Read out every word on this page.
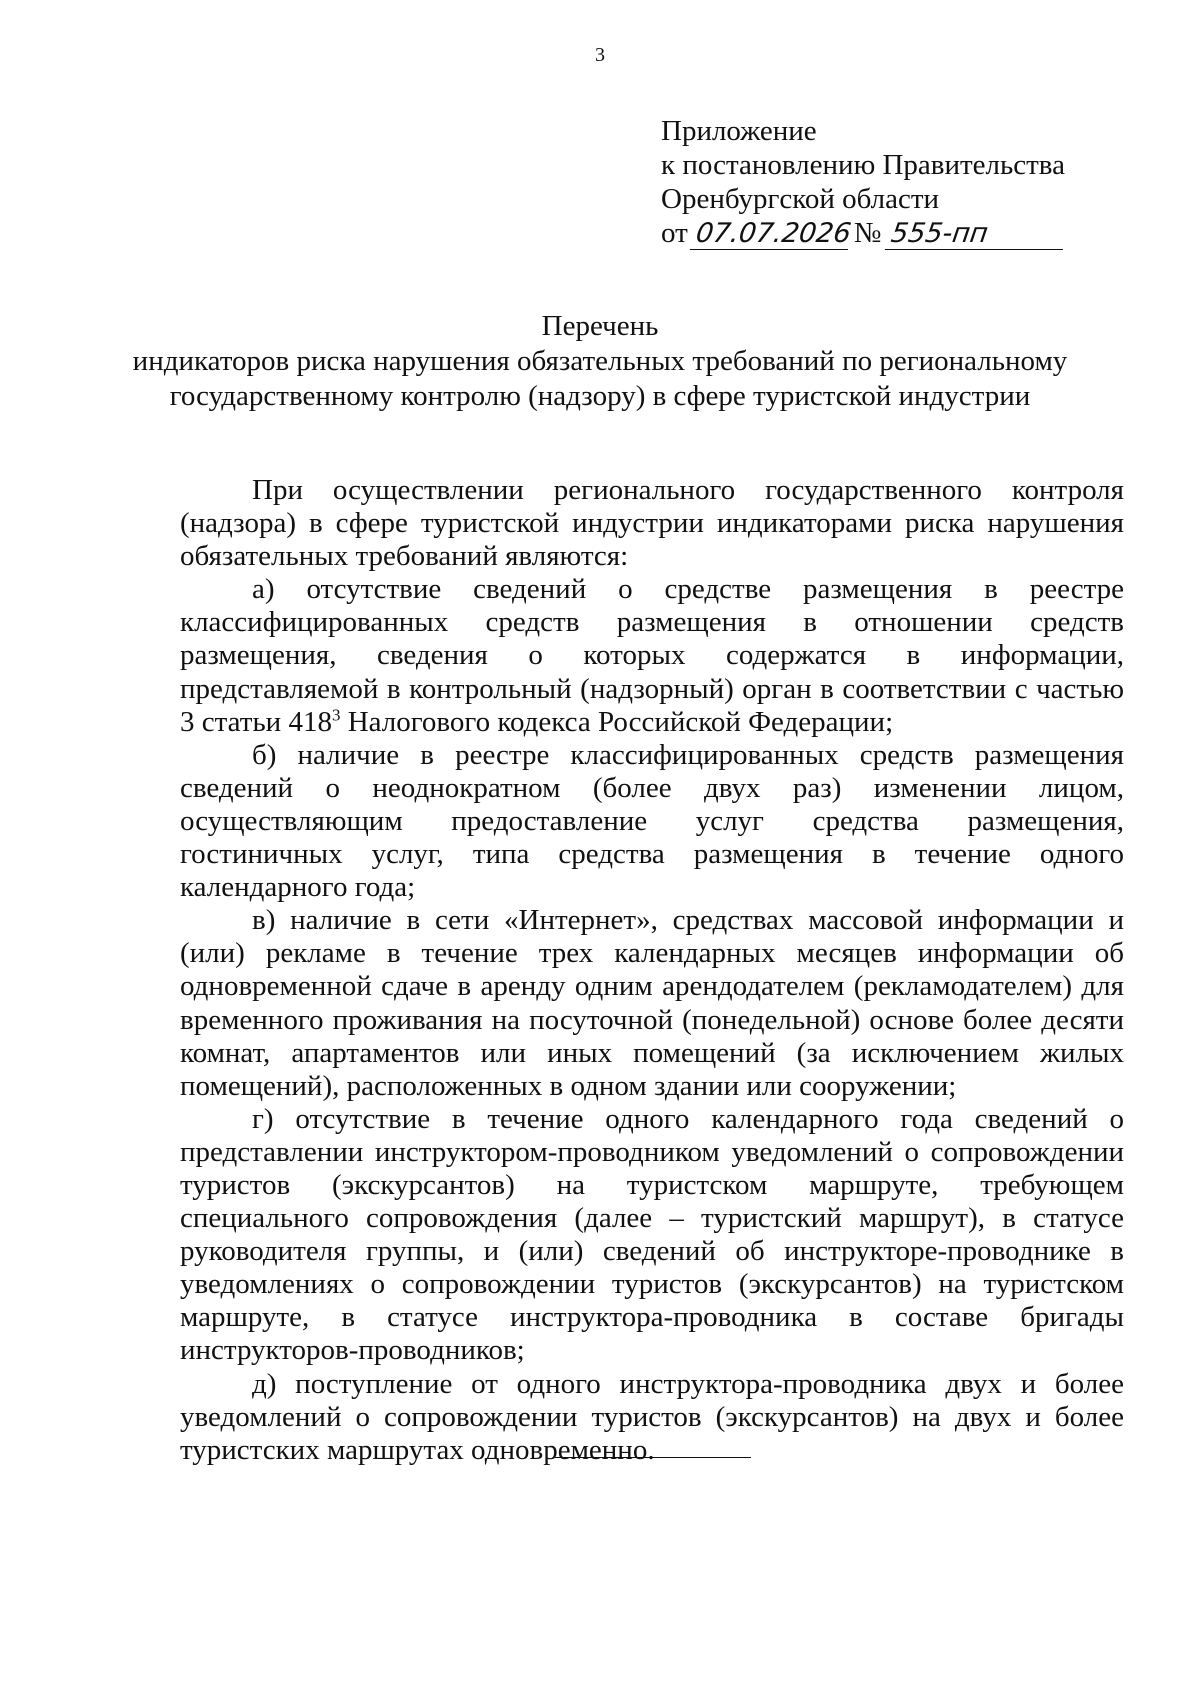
3
Приложение
к постановлению Правительства
Оренбургской области
от 07.07.2026 № 555-пп
Перечень
индикаторов риска нарушения обязательных требований по региональному
государственному контролю (надзору) в сфере туристской индустрии

При осуществлении регионального государственного контроля (надзора) в сфере туристской индустрии индикаторами риска нарушения обязательных требований являются:

а) отсутствие сведений о средстве размещения в реестре классифицированных средств размещения в отношении средств размещения, сведения о которых содержатся в информации, представляемой в контрольный (надзорный) орган в соответствии с частью 3 статьи $418^3$ Налогового кодекса Российской Федерации;

б) наличие в реестре классифицированных средств размещения сведений о неоднократном (более двух раз) изменении лицом, осуществляющим предоставление услуг средства размещения, гостиничных услуг, типа средства размещения в течение одного календарного года;

в) наличие в сети «Интернет», средствах массовой информации и (или) рекламе в течение трех календарных месяцев информации об одновременной сдаче в аренду одним арендодателем (рекламодателем) для временного проживания на посуточной (понедельной) основе более десяти комнат, апартаментов или иных помещений (за исключением жилых помещений), расположенных в одном здании или сооружении;

г) отсутствие в течение одного календарного года сведений о представлении инструктором-проводником уведомлений о сопровождении туристов (экскурсантов) на туристском маршруте, требующем специального сопровождения (далее – туристский маршрут), в статусе руководителя группы, и (или) сведений об инструкторе-проводнике в уведомлениях о сопровождении туристов (экскурсантов) на туристском маршруте, в статусе инструктора-проводника в составе бригады инструкторов-проводников;

д) поступление от одного инструктора-проводника двух и более уведомлений о сопровождении туристов (экскурсантов) на двух и более туристских маршрутах одновременно.
